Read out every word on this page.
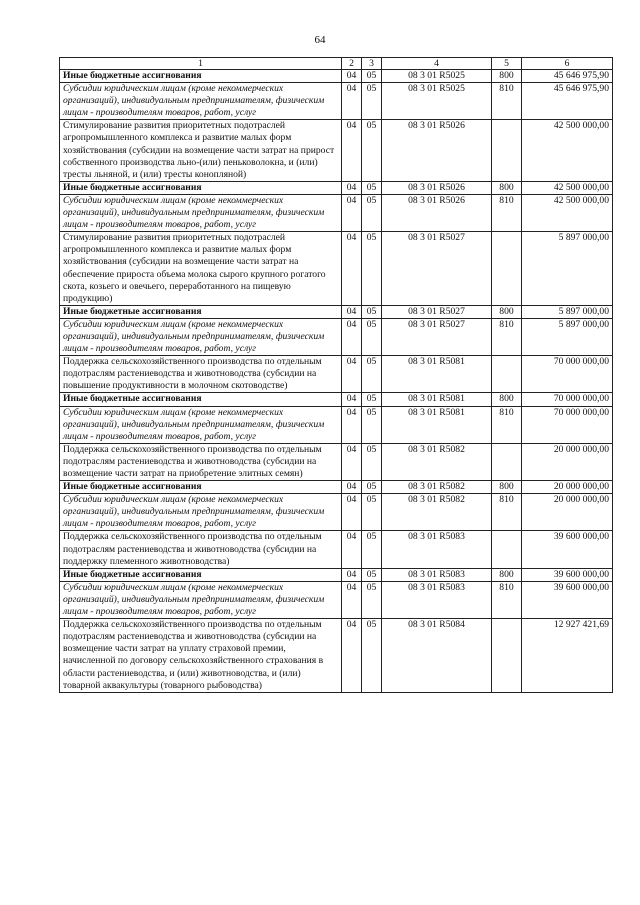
64
1	2	3	4	5	6
Иные бюджетные ассигнования	04	05	08 3 01 R5025	800	45 646 975,90
Субсидии юридическим лицам (кроме некоммерческих организаций), индивидуальным предпринимателям, физическим лицам - производителям товаров, работ, услуг	04	05	08 3 01 R5025	810	45 646 975,90
Стимулирование развития приоритетных подотраслей агропромышленного комплекса и развитие малых форм хозяйствования (субсидии на возмещение части затрат на прирост собственного производства льно-(или) пеньковолокна, и (или) тресты льняной, и (или) тресты конопляной)	04	05	08 3 01 R5026		42 500 000,00
Иные бюджетные ассигнования	04	05	08 3 01 R5026	800	42 500 000,00
Субсидии юридическим лицам (кроме некоммерческих организаций), индивидуальным предпринимателям, физическим лицам - производителям товаров, работ, услуг	04	05	08 3 01 R5026	810	42 500 000,00
Стимулирование развития приоритетных подотраслей агропромышленного комплекса и развитие малых форм хозяйствования (субсидии на возмещение части затрат на обеспечение прироста объема молока сырого крупного рогатого скота, козьего и овечьего, переработанного на пищевую продукцию)	04	05	08 3 01 R5027		5 897 000,00
Иные бюджетные ассигнования	04	05	08 3 01 R5027	800	5 897 000,00
Субсидии юридическим лицам (кроме некоммерческих организаций), индивидуальным предпринимателям, физическим лицам - производителям товаров, работ, услуг	04	05	08 3 01 R5027	810	5 897 000,00
Поддержка сельскохозяйственного производства по отдельным подотраслям растениеводства и животноводства (субсидии на повышение продуктивности в молочном скотоводстве)	04	05	08 3 01 R5081		70 000 000,00
Иные бюджетные ассигнования	04	05	08 3 01 R5081	800	70 000 000,00
Субсидии юридическим лицам (кроме некоммерческих организаций), индивидуальным предпринимателям, физическим лицам - производителям товаров, работ, услуг	04	05	08 3 01 R5081	810	70 000 000,00
Поддержка сельскохозяйственного производства по отдельным подотраслям растениеводства и животноводства (субсидии на возмещение части затрат на приобретение элитных семян)	04	05	08 3 01 R5082		20 000 000,00
Иные бюджетные ассигнования	04	05	08 3 01 R5082	800	20 000 000,00
Субсидии юридическим лицам (кроме некоммерческих организаций), индивидуальным предпринимателям, физическим лицам - производителям товаров, работ, услуг	04	05	08 3 01 R5082	810	20 000 000,00
Поддержка сельскохозяйственного производства по отдельным подотраслям растениеводства и животноводства (субсидии на поддержку племенного животноводства)	04	05	08 3 01 R5083		39 600 000,00
Иные бюджетные ассигнования	04	05	08 3 01 R5083	800	39 600 000,00
Субсидии юридическим лицам (кроме некоммерческих организаций), индивидуальным предпринимателям, физическим лицам - производителям товаров, работ, услуг	04	05	08 3 01 R5083	810	39 600 000,00
Поддержка сельскохозяйственного производства по отдельным подотраслям растениеводства и животноводства (субсидии на возмещение части затрат на уплату страховой премии, начисленной по договору сельскохозяйственного страхования в области растениеводства, и (или) животноводства, и (или) товарной аквакультуры (товарного рыбоводства)	04	05	08 3 01 R5084		12 927 421,69
